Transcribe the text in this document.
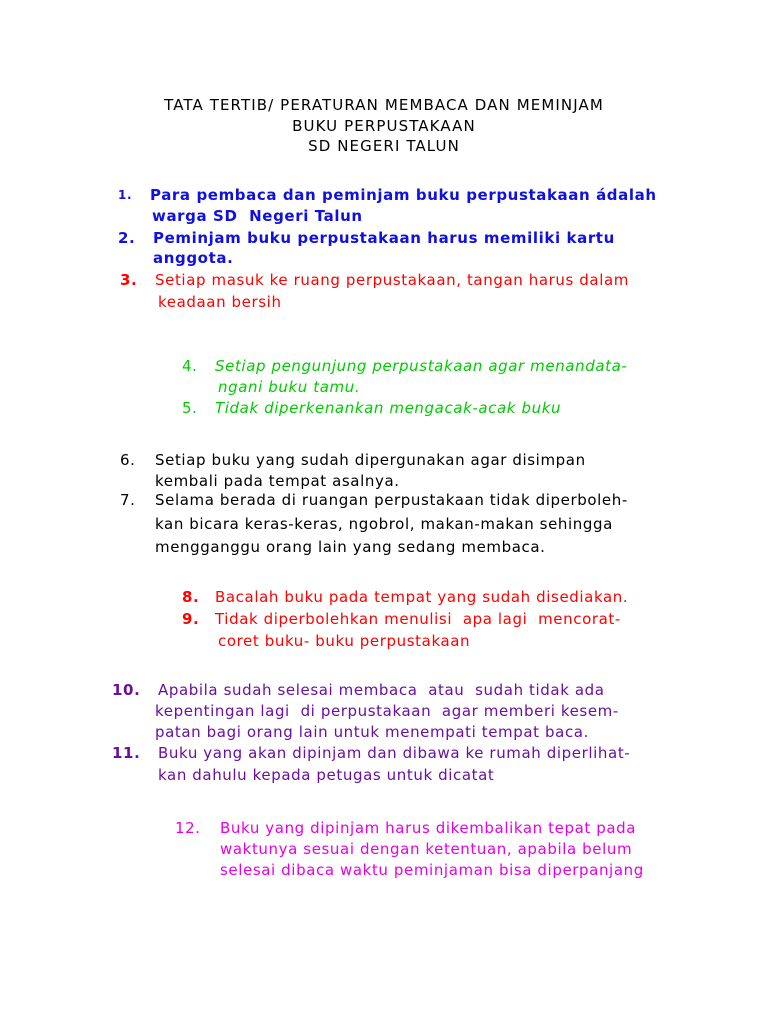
TATA TERTIB/ PERATURAN MEMBACA DAN MEMINJAM
BUKU PERPUSTAKAAN
SD NEGERI TALUN
1. Para pembaca dan peminjam buku perpustakaan ádalah
warga SD  Negeri Talun
2. Peminjam buku perpustakaan harus memiliki kartu
anggota.
3. Setiap masuk ke ruang perpustakaan, tangan harus dalam
keadaan bersih
4. Setiap pengunjung perpustakaan agar menandata-
ngani buku tamu.
5. Tidak diperkenankan mengacak-acak buku
6. Setiap buku yang sudah dipergunakan agar disimpan
kembali pada tempat asalnya.
7. Selama berada di ruangan perpustakaan tidak diperboleh-
kan bicara keras-keras, ngobrol, makan-makan sehingga
mengganggu orang lain yang sedang membaca.
8. Bacalah buku pada tempat yang sudah disediakan.
9. Tidak diperbolehkan menulisi  apa lagi  mencorat-
coret buku- buku perpustakaan
10. Apabila sudah selesai membaca  atau  sudah tidak ada
kepentingan lagi  di perpustakaan  agar memberi kesem-
patan bagi orang lain untuk menempati tempat baca.
11. Buku yang akan dipinjam dan dibawa ke rumah diperlihat-
kan dahulu kepada petugas untuk dicatat
12. Buku yang dipinjam harus dikembalikan tepat pada
waktunya sesuai dengan ketentuan, apabila belum
selesai dibaca waktu peminjaman bisa diperpanjang
